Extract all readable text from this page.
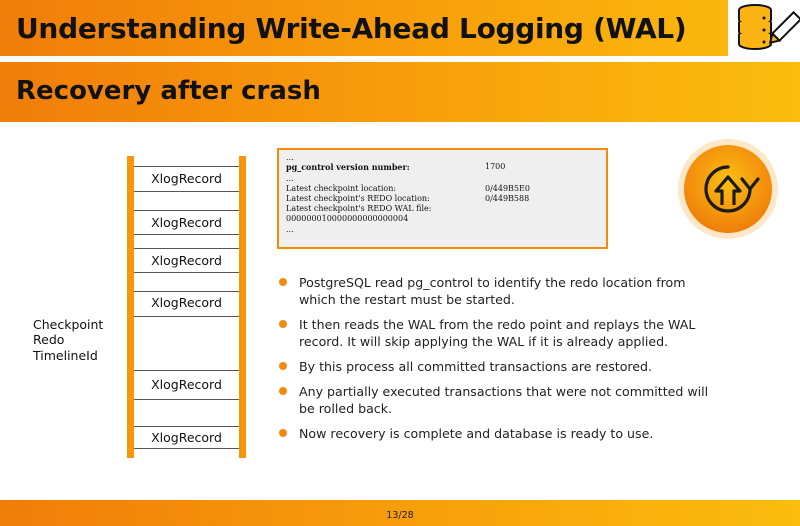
Understanding Write-Ahead Logging (WAL)
Recovery after crash
XlogRecord
XlogRecord
XlogRecord
XlogRecord
XlogRecord
XlogRecord
Checkpoint
Redo
TimelineId
...
pg_control version number:	1700
...
Latest checkpoint location:	0/449B5E0
Latest checkpoint's REDO location:	0/449B588
Latest checkpoint's REDO WAL file:
000000010000000000000004
...
PostgreSQL read pg_control to identify the redo location from which the restart must be started.
It then reads the WAL from the redo point and replays the WAL record. It will skip applying the WAL if it is already applied.
By this process all committed transactions are restored.
Any partially executed transactions that were not committed will be rolled back.
Now recovery is complete and database is ready to use.
13/28
